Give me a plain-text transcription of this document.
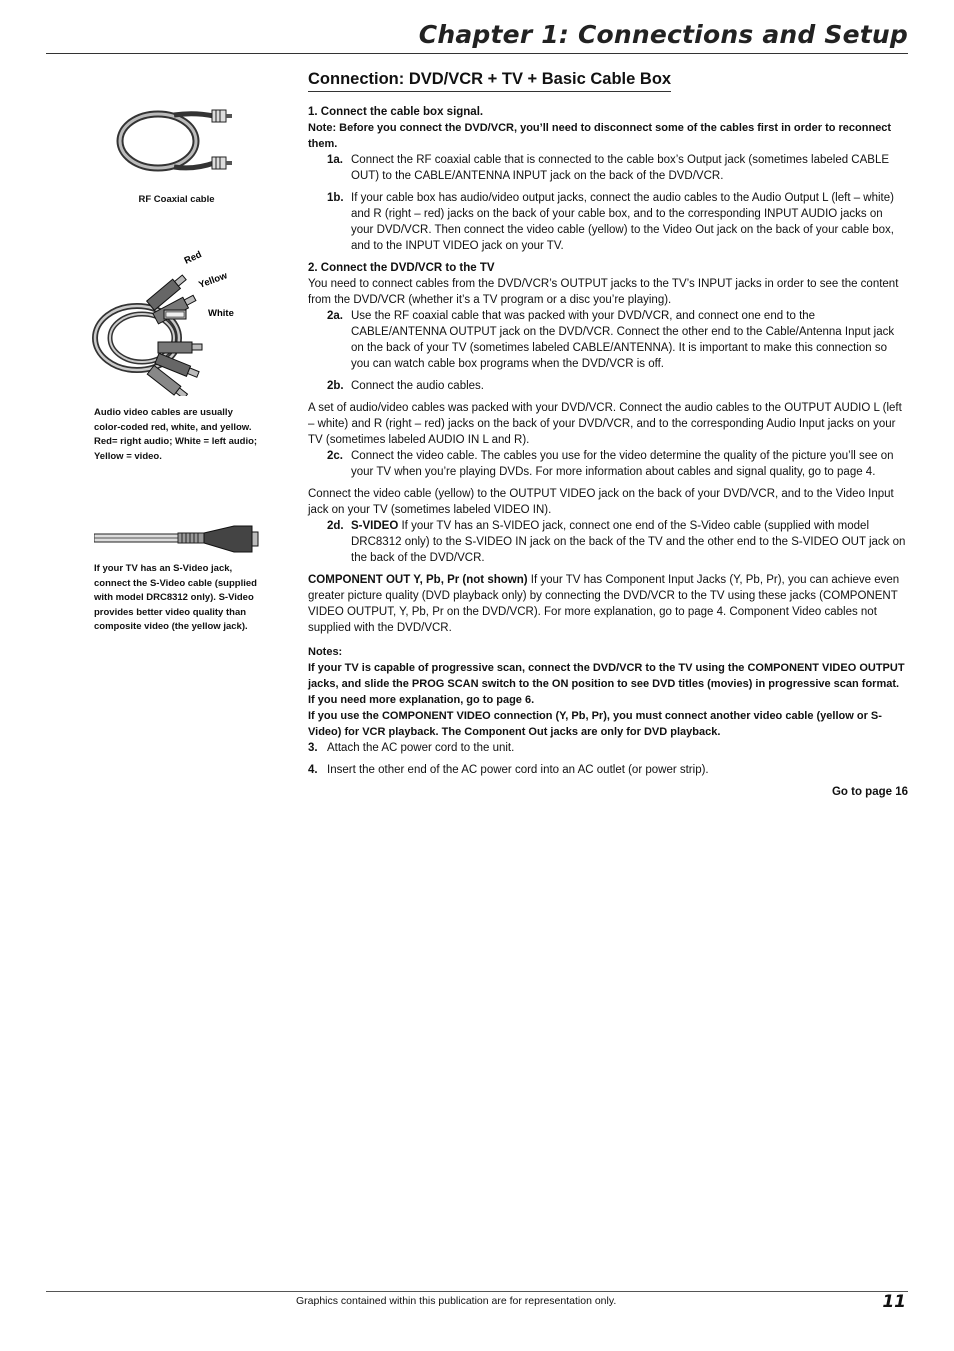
Chapter 1: Connections and Setup
Connection: DVD/VCR + TV + Basic Cable Box
RF Coaxial cable
Red
Yellow
White
Audio video cables are usually color-coded red, white, and yellow. Red= right audio; White = left audio; Yellow = video.
If your TV has an S-Video jack, connect the S-Video cable (supplied with model DRC8312 only). S-Video provides better video quality than composite video (the yellow jack).

1. Connect the cable box signal.

Note: Before you connect the DVD/VCR, you’ll need to disconnect some of the cables first in order to reconnect them.

1a. Connect the RF coaxial cable that is connected to the cable box’s Output jack (sometimes labeled CABLE OUT) to the CABLE/ANTENNA INPUT jack on the back of the DVD/VCR.
1b. If your cable box has audio/video output jacks, connect the audio cables to the Audio Output L (left – white) and R (right – red) jacks on the back of your cable box, and to the corresponding INPUT AUDIO jacks on your DVD/VCR. Then connect the video cable (yellow) to the Video Out jack on the back of your cable box, and to the INPUT VIDEO jack on your TV.

2. Connect the DVD/VCR to the TV

You need to connect cables from the DVD/VCR’s OUTPUT jacks to the TV’s INPUT jacks in order to see the content from the DVD/VCR (whether it’s a TV program or a disc you’re playing).

2a. Use the RF coaxial cable that was packed with your DVD/VCR, and connect one end to the CABLE/ANTENNA OUTPUT jack on the DVD/VCR. Connect the other end to the Cable/Antenna Input jack on the back of your TV (sometimes labeled CABLE/ANTENNA). It is important to make this connection so you can watch cable box programs when the DVD/VCR is off.
2b. Connect the audio cables.

A set of audio/video cables was packed with your DVD/VCR. Connect the audio cables to the OUTPUT AUDIO L (left – white) and R (right – red) jacks on the back of your DVD/VCR, and to the corresponding Audio Input jacks on your TV (sometimes labeled AUDIO IN L and R).

2c. Connect the video cable. The cables you use for the video determine the quality of the picture you’ll see on your TV when you’re playing DVDs. For more information about cables and signal quality, go to page 4.

Connect the video cable (yellow) to the OUTPUT VIDEO jack on the back of your DVD/VCR, and to the Video Input jack on your TV (sometimes labeled VIDEO IN).

2d. S-VIDEO If your TV has an S-VIDEO jack, connect one end of the S-Video cable (supplied with model DRC8312 only) to the S-VIDEO IN jack on the back of the TV and the other end to the S-VIDEO OUT jack on the back of the DVD/VCR.

COMPONENT OUT Y, Pb, Pr (not shown) If your TV has Component Input Jacks (Y, Pb, Pr), you can achieve even greater picture quality (DVD playback only) by connecting the DVD/VCR to the TV using these jacks (COMPONENT VIDEO OUTPUT, Y, Pb, Pr on the DVD/VCR). For more explanation, go to page 4. Component Video cables not supplied with the DVD/VCR.

Notes:

If your TV is capable of progressive scan, connect the DVD/VCR to the TV using the COMPONENT VIDEO OUTPUT jacks, and slide the PROG SCAN switch to the ON position to see DVD titles (movies) in progressive scan format. If you need more explanation, go to page 6.

If you use the COMPONENT VIDEO connection (Y, Pb, Pr), you must connect another video cable (yellow or S-Video) for VCR playback. The Component Out jacks are only for DVD playback.

3. Attach the AC power cord to the unit.
4. Insert the other end of the AC power cord into an AC outlet (or power strip).

Go to page 16

Graphics contained within this publication are for representation only.	11
